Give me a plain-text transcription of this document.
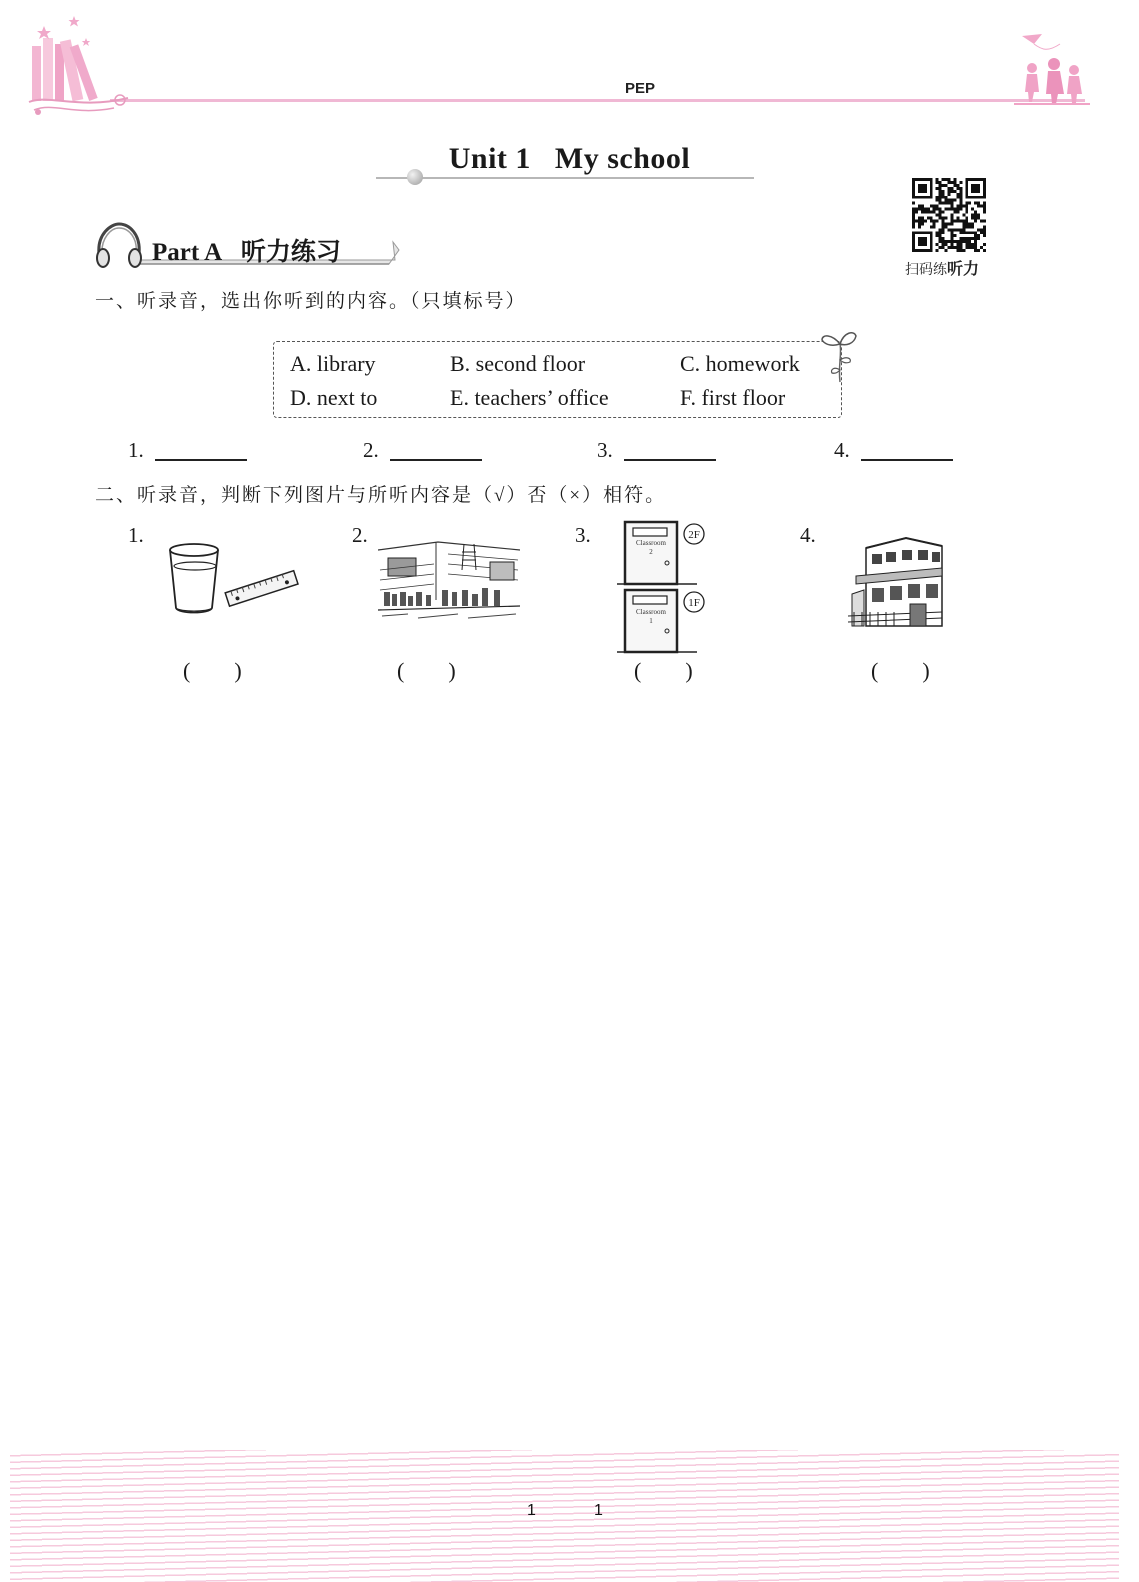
PEP
Unit 1   My school
扫码练听力
Part A   听力练习
一、听录音，选出你听到的内容。（只填标号）
A. library	B. second floor	C. homework
D. next to	E. teachers’ office	F. first floor
1.	2.	3.	4.
二、听录音，判断下列图片与所听内容是（√）否（×）相符。
1.	2.	3.	4.
Classroom
2
2F
Classroom
1
1F
(  )	(  )	(  )	(  )
1	1
